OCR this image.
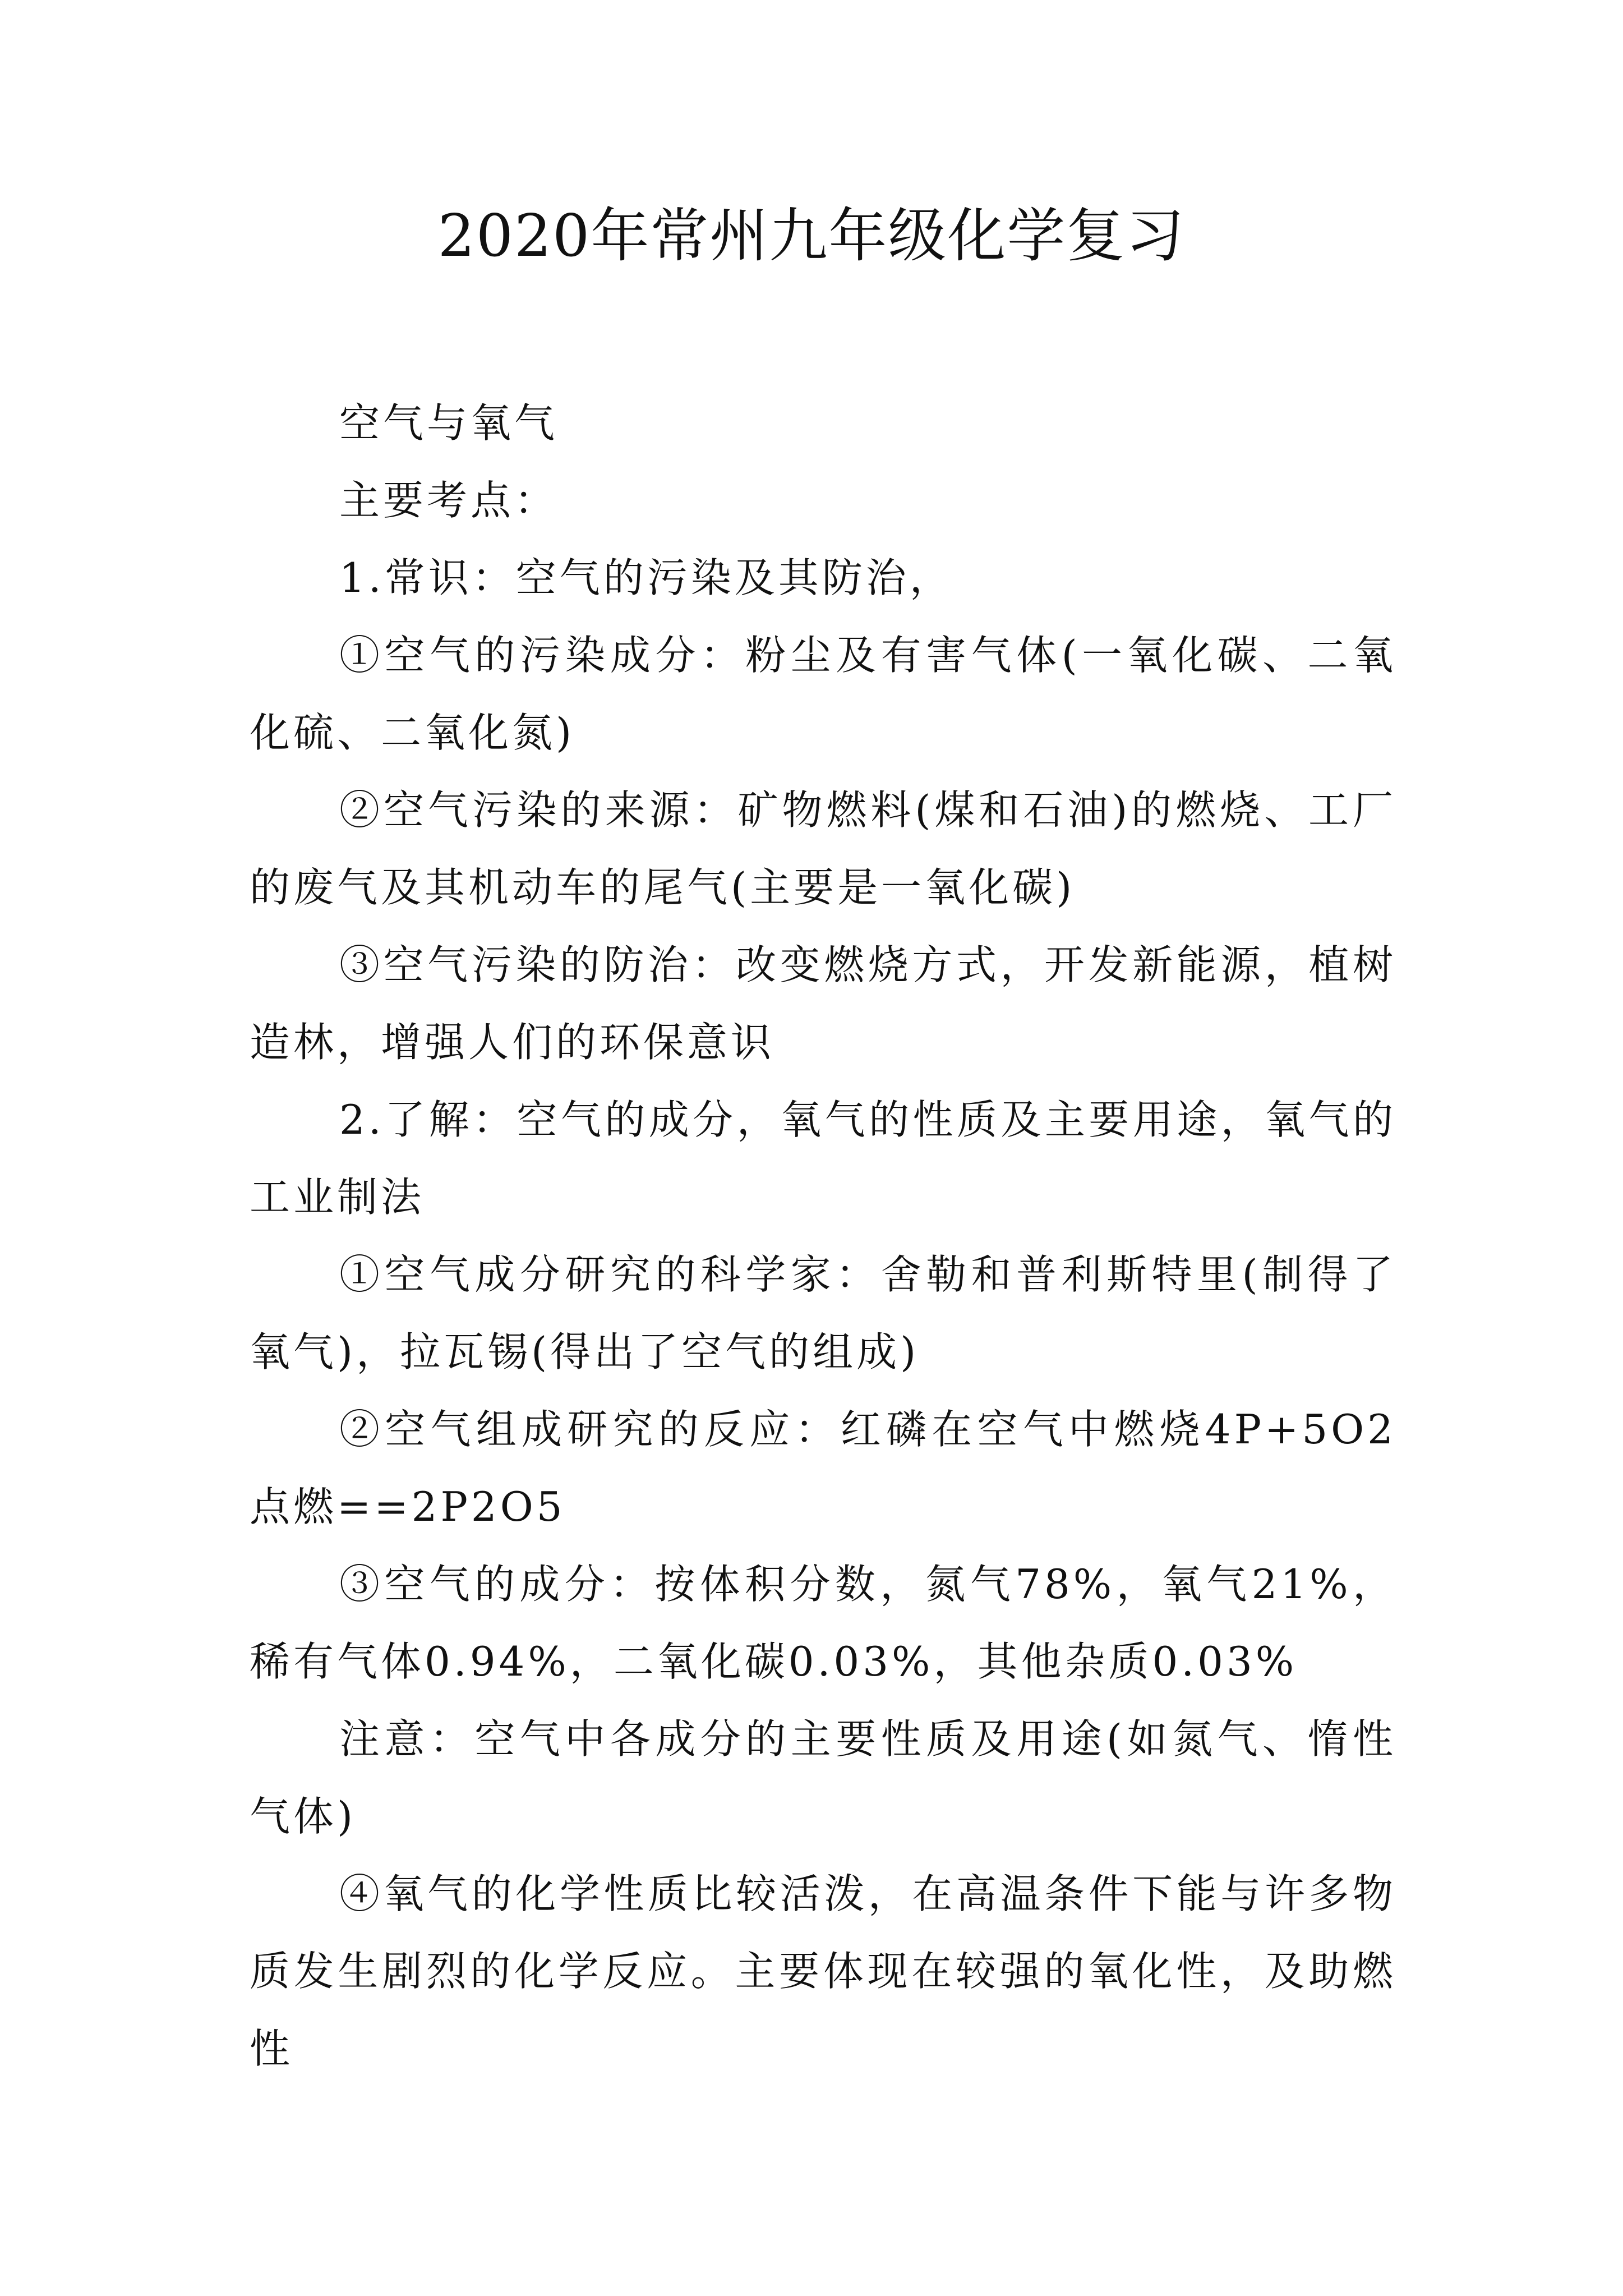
2020年常州九年级化学复习

空气与氧气

主要考点：

1.常识：空气的污染及其防治，

①空气的污染成分：粉尘及有害气体(一氧化碳、二氧化硫、二氧化氮)

②空气污染的来源：矿物燃料(煤和石油)的燃烧、工厂的废气及其机动车的尾气(主要是一氧化碳)

③空气污染的防治：改变燃烧方式，开发新能源，植树造林，增强人们的环保意识

2.了解：空气的成分，氧气的性质及主要用途，氧气的工业制法

①空气成分研究的科学家：舍勒和普利斯特里(制得了氧气)，拉瓦锡(得出了空气的组成)

②空气组成研究的反应：红磷在空气中燃烧4P+5O2点燃==2P2O5

③空气的成分：按体积分数，氮气78%，氧气21%，稀有气体0.94%，二氧化碳0.03%，其他杂质0.03%

注意：空气中各成分的主要性质及用途(如氮气、惰性气体)

④氧气的化学性质比较活泼，在高温条件下能与许多物质发生剧烈的化学反应。主要体现在较强的氧化性，及助燃性
